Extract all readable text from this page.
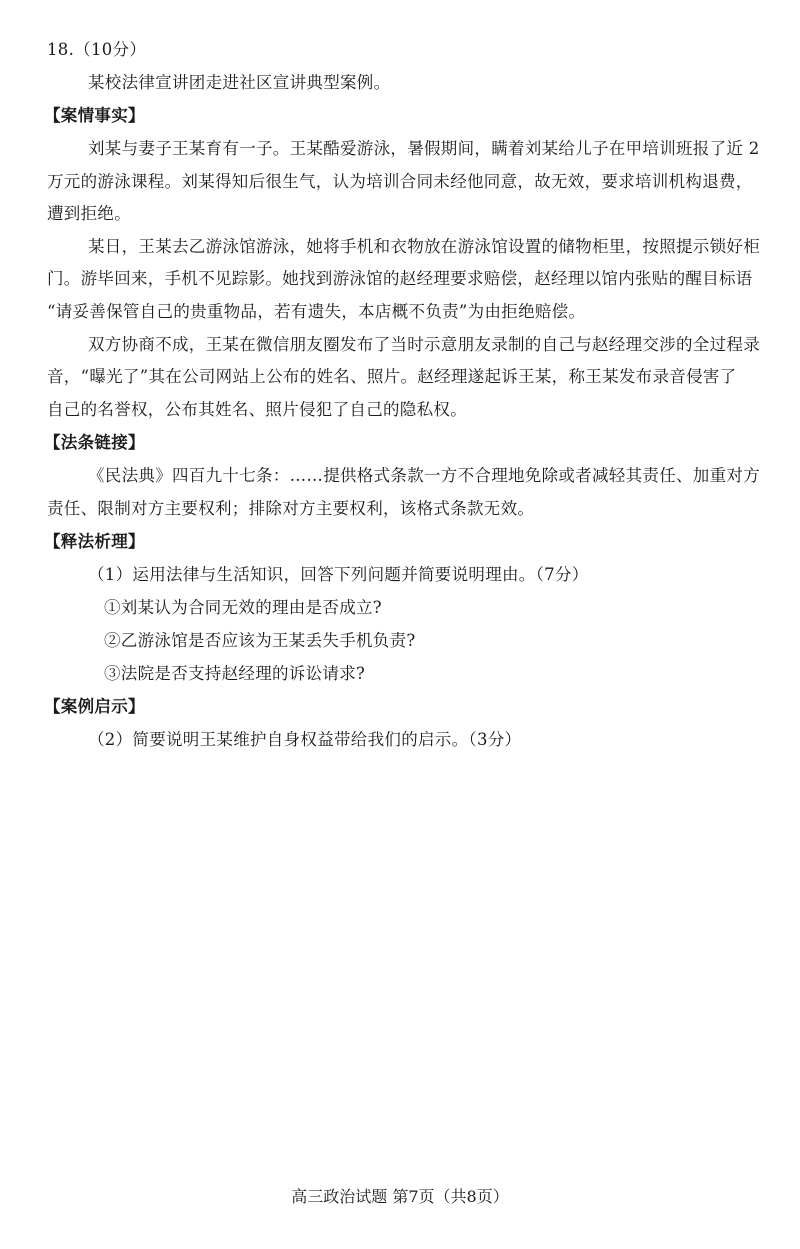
18.（10分）
某校法律宣讲团走进社区宣讲典型案例。
【案情事实】
刘某与妻子王某育有一子。王某酷爱游泳，暑假期间，瞒着刘某给儿子在甲培训班报了近 2
万元的游泳课程。刘某得知后很生气，认为培训合同未经他同意，故无效，要求培训机构退费，
遭到拒绝。
某日，王某去乙游泳馆游泳，她将手机和衣物放在游泳馆设置的储物柜里，按照提示锁好柜
门。游毕回来，手机不见踪影。她找到游泳馆的赵经理要求赔偿，赵经理以馆内张贴的醒目标语
“请妥善保管自己的贵重物品，若有遗失，本店概不负责”为由拒绝赔偿。
双方协商不成，王某在微信朋友圈发布了当时示意朋友录制的自己与赵经理交涉的全过程录
音，“曝光了”其在公司网站上公布的姓名、照片。赵经理遂起诉王某，称王某发布录音侵害了
自己的名誉权，公布其姓名、照片侵犯了自己的隐私权。
【法条链接】
《民法典》四百九十七条：……提供格式条款一方不合理地免除或者减轻其责任、加重对方
责任、限制对方主要权利；排除对方主要权利，该格式条款无效。
【释法析理】
（1）运用法律与生活知识，回答下列问题并简要说明理由。（7分）
①刘某认为合同无效的理由是否成立?
②乙游泳馆是否应该为王某丢失手机负责?
③法院是否支持赵经理的诉讼请求?
【案例启示】
（2）简要说明王某维护自身权益带给我们的启示。（3分）
高三政治试题 第7页（共8页）
